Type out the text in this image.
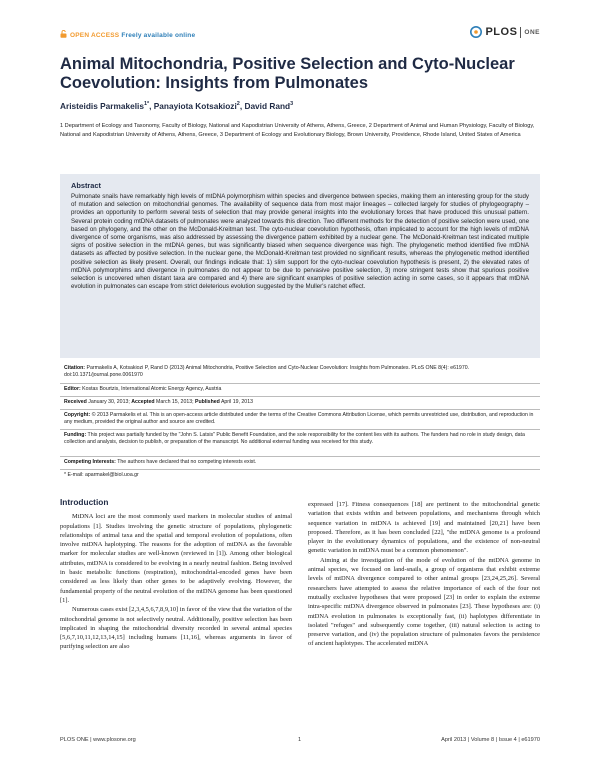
OPEN ACCESS Freely available online	PLOS ONE
Animal Mitochondria, Positive Selection and Cyto-Nuclear Coevolution: Insights from Pulmonates
Aristeidis Parmakelis$^{1*}$, Panayiota Kotsakiozi$^2$, David Rand$^3$
1 Department of Ecology and Taxonomy, Faculty of Biology, National and Kapodistrian University of Athens, Athens, Greece, 2 Department of Animal and Human Physiology, Faculty of Biology, National and Kapodistrian University of Athens, Athens, Greece, 3 Department of Ecology and Evolutionary Biology, Brown University, Providence, Rhode Island, United States of America
Abstract

Pulmonate snails have remarkably high levels of mtDNA polymorphism within species and divergence between species, making them an interesting group for the study of mutation and selection on mitochondrial genomes. The availability of sequence data from most major lineages – collected largely for studies of phylogeography – provides an opportunity to perform several tests of selection that may provide general insights into the evolutionary forces that have produced this unusual pattern. Several protein coding mtDNA datasets of pulmonates were analyzed towards this direction. Two different methods for the detection of positive selection were used, one based on phylogeny, and the other on the McDonald-Kreitman test. The cyto-nuclear coevolution hypothesis, often implicated to account for the high levels of mtDNA divergence of some organisms, was also addressed by assessing the divergence pattern exhibited by a nuclear gene. The McDonald-Kreitman test indicated multiple signs of positive selection in the mtDNA genes, but was significantly biased when sequence divergence was high. The phylogenetic method identified five mtDNA datasets as affected by positive selection. In the nuclear gene, the McDonald-Kreitman test provided no significant results, whereas the phylogenetic method identified positive selection as likely present. Overall, our findings indicate that: 1) slim support for the cyto-nuclear coevolution hypothesis is present, 2) the elevated rates of mtDNA polymorphims and divergence in pulmonates do not appear to be due to pervasive positive selection, 3) more stringent tests show that spurious positive selection is uncovered when distant taxa are compared and 4) there are significant examples of positive selection acting in some cases, so it appears that mtDNA evolution in pulmonates can escape from strict deleterious evolution suggested by the Muller's ratchet effect.

Citation: Parmakelis A, Kotsakiozi P, Rand D (2013) Animal Mitochondria, Positive Selection and Cyto-Nuclear Coevolution: Insights from Pulmonates. PLoS ONE 8(4): e61970. doi:10.1371/journal.pone.0061970
Editor: Kostas Bourtzis, International Atomic Energy Agency, Austria
Received January 30, 2013; Accepted March 15, 2013; Published April 19, 2013
Copyright: © 2013 Parmakelis et al. This is an open-access article distributed under the terms of the Creative Commons Attribution License, which permits unrestricted use, distribution, and reproduction in any medium, provided the original author and source are credited.
Funding: This project was partially funded by the "John S. Latsis" Public Benefit Foundation, and the sole responsibility for the content lies with its authors. The funders had no role in study design, data collection and analysis, decision to publish, or preparation of the manuscript. No additional external funding was received for this study.
Competing Interests: The authors have declared that no competing interests exist.
* E-mail: aparmakel@biol.uoa.gr
Introduction

MtDNA loci are the most commonly used markers in molecular studies of animal populations [1]. Studies involving the genetic structure of populations, phylogenetic relationships of animal taxa and the spatial and temporal evolution of populations, often involve mtDNA haplotyping. The reasons for the adoption of mtDNA as the favorable marker for molecular studies are well-known (reviewed in [1]). Among other biological attributes, mtDNA is considered to be evolving in a nearly neutral fashion. Being involved in basic metabolic functions (respiration), mitochondrial-encoded genes have been considered as less likely than other genes to be adaptively evolving. However, the fundamental property of the neutral evolution of the mtDNA genome has been questioned [1].

Numerous cases exist [2,3,4,5,6,7,8,9,10] in favor of the view that the variation of the mitochondrial genome is not selectively neutral. Additionally, positive selection has been implicated in shaping the mitochondrial diversity recorded in several animal species [5,6,7,10,11,12,13,14,15] including humans [11,16], whereas arguments in favor of purifying selection are also

expressed [17]. Fitness consequences [18] are pertinent to the mitochondrial genetic variation that exists within and between populations, and mechanisms through which sequence variation in mtDNA is achieved [19] and maintained [20,21] have been proposed. Therefore, as it has been concluded [22], "the mtDNA genome is a profound player in the evolutionary dynamics of populations, and the existence of non-neutral genetic variation in mtDNA must be a common phenomenon".

Aiming at the investigation of the mode of evolution of the mtDNA genome in animal species, we focused on land-snails, a group of organisms that exhibit extreme levels of mtDNA divergence compared to other animal groups [23,24,25,26]. Several researchers have attempted to assess the relative importance of each of the four not mutually exclusive hypotheses that were proposed [23] in order to explain the extreme intra-specific mtDNA divergence observed in pulmonates [23]. These hypotheses are: (i) mtDNA evolution in pulmonates is exceptionally fast, (ii) haplotypes differentiate in isolated "refuges" and subsequently come together, (iii) natural selection is acting to preserve variation, and (iv) the population structure of pulmonates favors the persistence of ancient haplotypes. The accelerated mtDNA

PLOS ONE | www.plosone.org	1	April 2013 | Volume 8 | Issue 4 | e61970
